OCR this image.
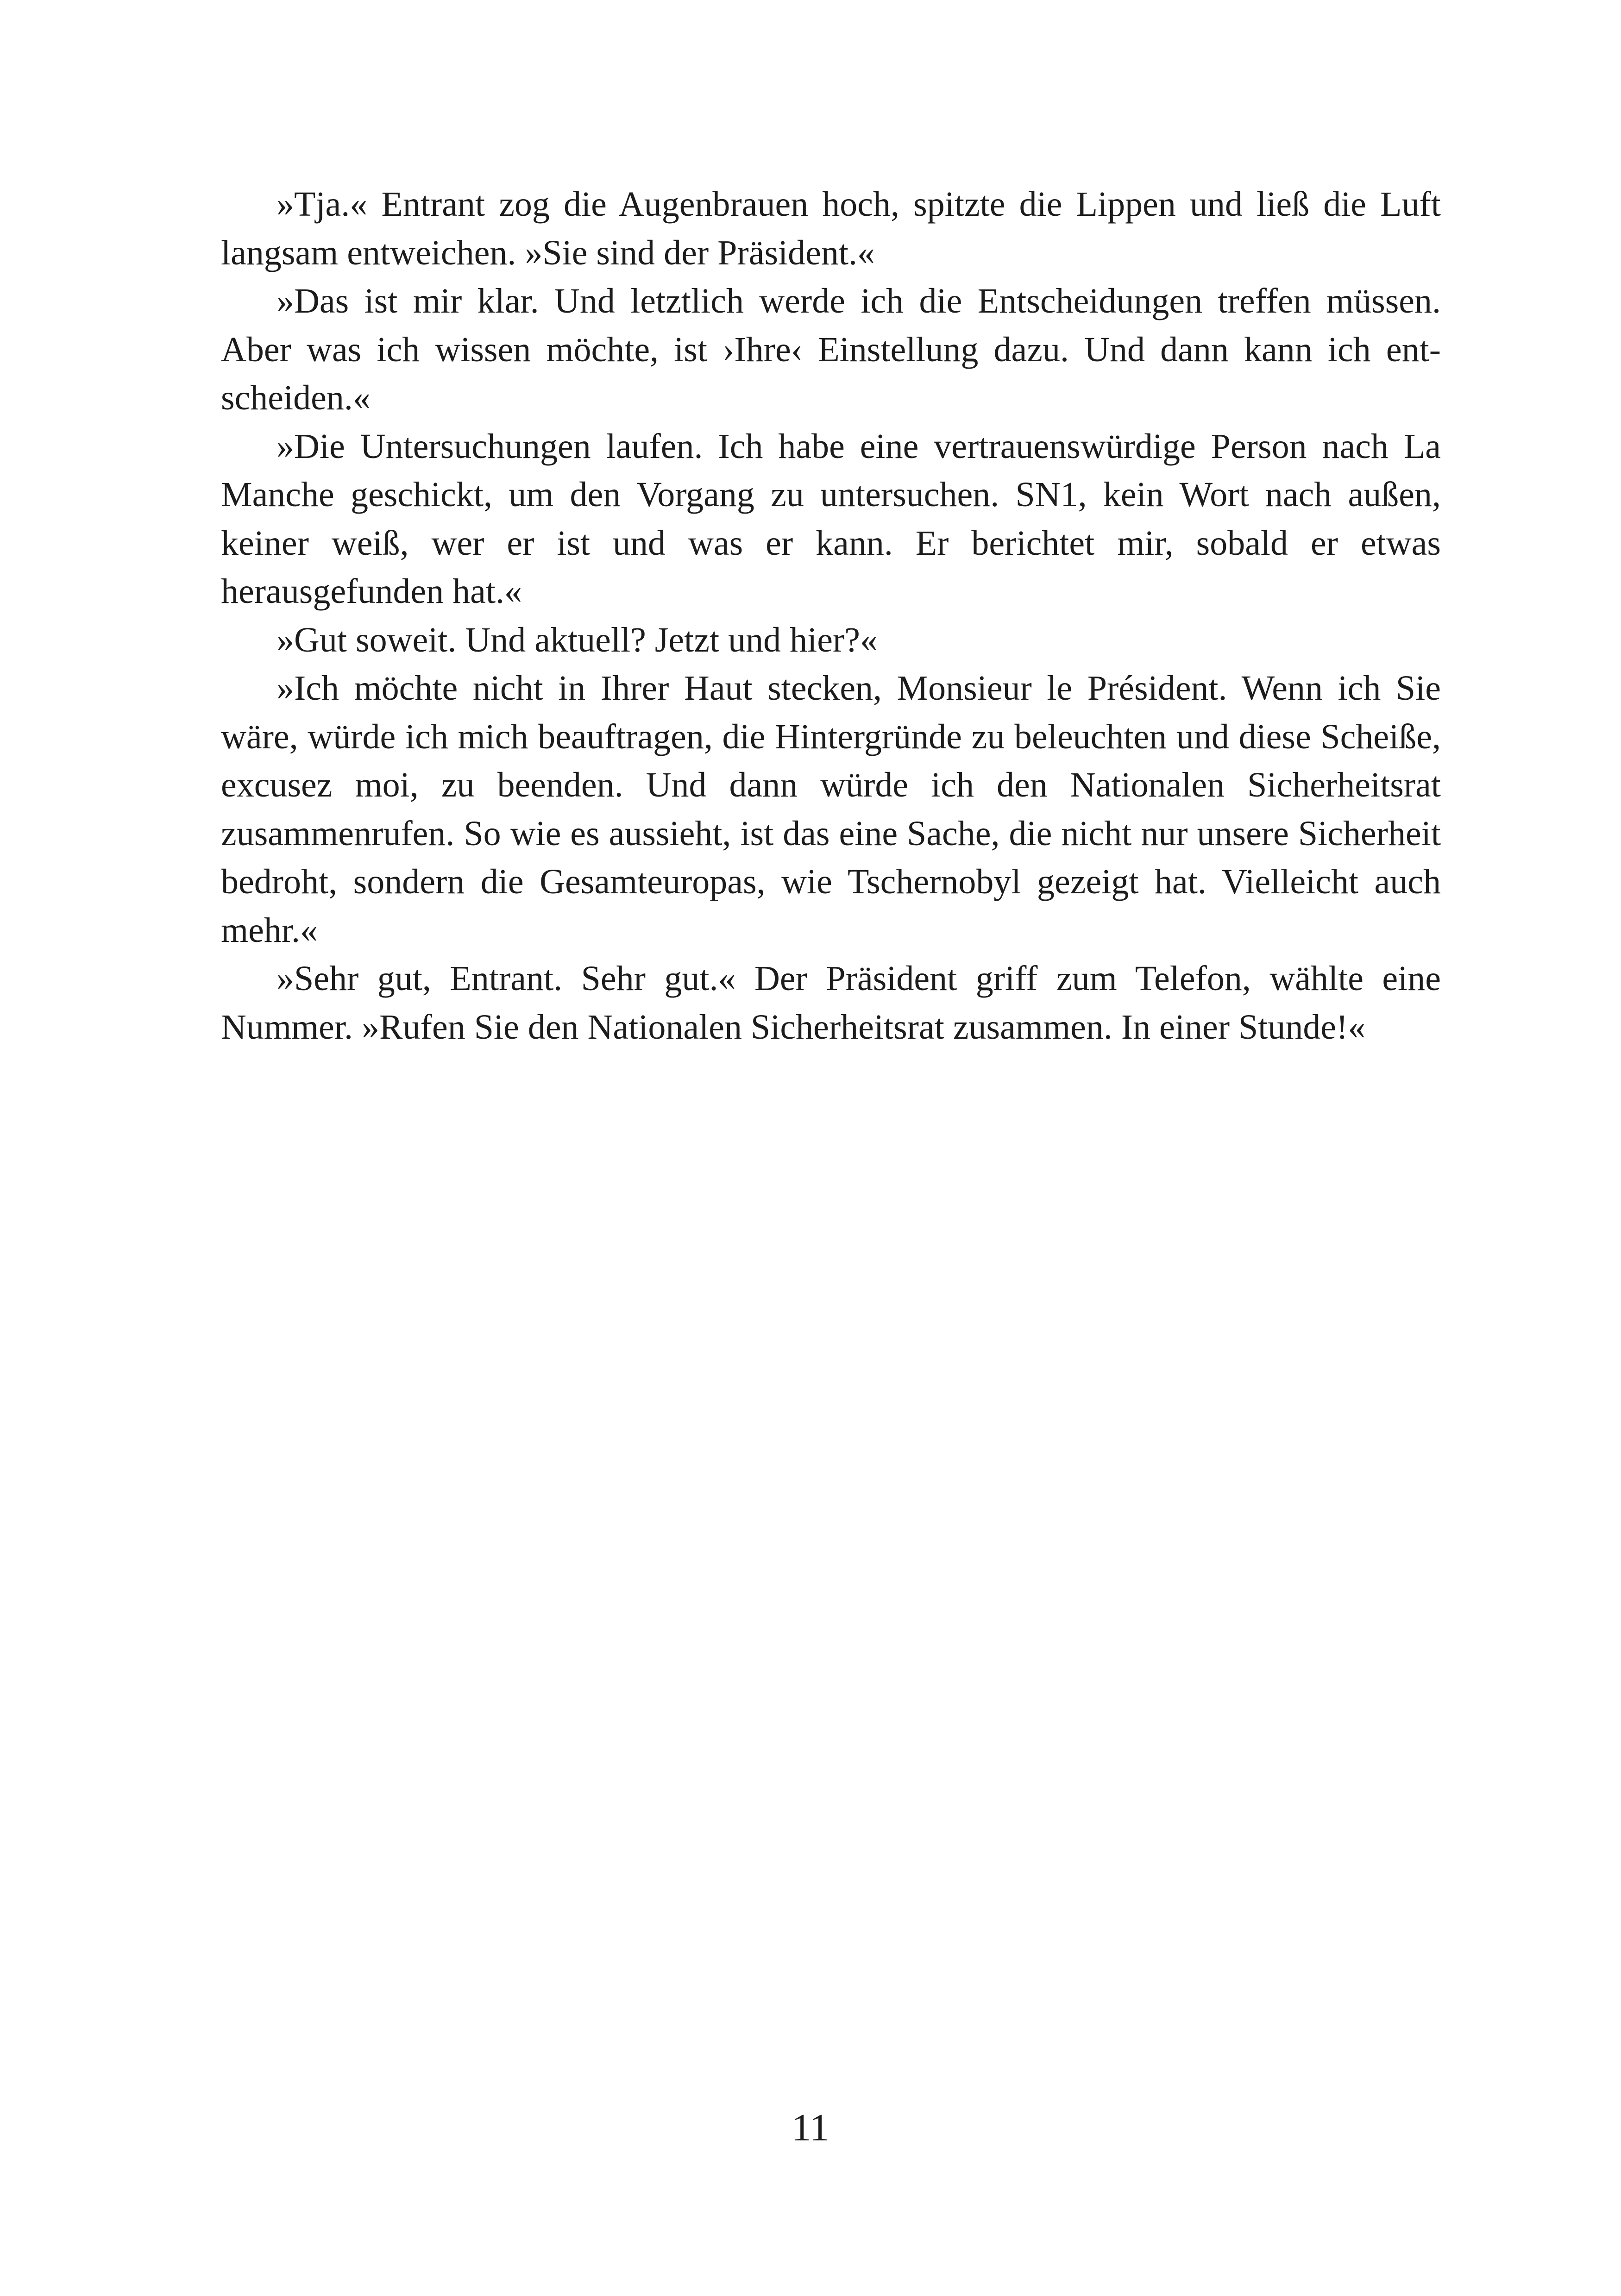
»Tja.« Entrant zog die Augenbrauen hoch, spitzte die Lippen und ließ die Luft langsam entweichen. »Sie sind der Präsident.«

»Das ist mir klar. Und letztlich werde ich die Entscheidungen treffen müssen. Aber was ich wissen möchte, ist ›Ihre‹ Einstellung dazu. Und dann kann ich entscheiden.«

»Die Untersuchungen laufen. Ich habe eine vertrauenswürdige Person nach La Manche geschickt, um den Vorgang zu untersuchen. SN1, kein Wort nach außen, keiner weiß, wer er ist und was er kann. Er berichtet mir, sobald er etwas herausgefunden hat.«

»Gut soweit. Und aktuell? Jetzt und hier?«

»Ich möchte nicht in Ihrer Haut stecken, Monsieur le Président. Wenn ich Sie wäre, würde ich mich beauftragen, die Hintergründe zu beleuchten und diese Scheiße, excusez moi, zu beenden. Und dann würde ich den Nationalen Sicherheitsrat zusammenrufen. So wie es aussieht, ist das eine Sache, die nicht nur unsere Sicherheit bedroht, sondern die Gesamteuropas, wie Tschernobyl gezeigt hat. Vielleicht auch mehr.«

»Sehr gut, Entrant. Sehr gut.« Der Präsident griff zum Telefon, wählte eine Nummer. »Rufen Sie den Nationalen Sicherheitsrat zusammen. In einer Stunde!«

11
